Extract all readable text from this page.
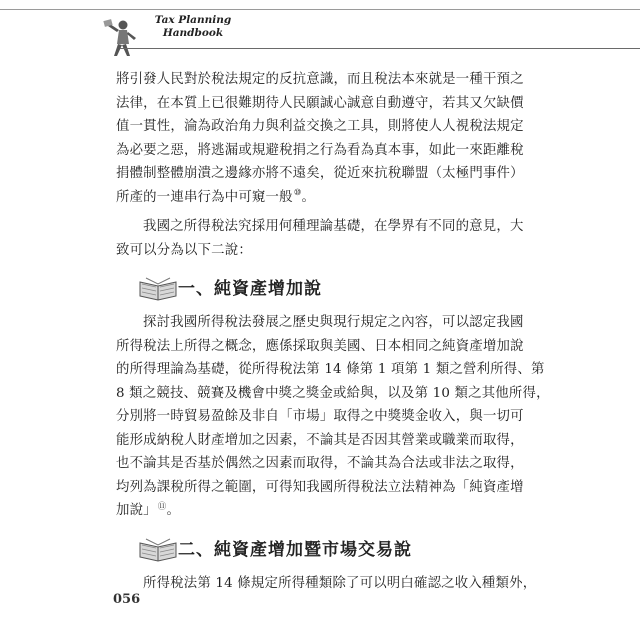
Tax Planning
Handbook

將引發人民對於稅法規定的反抗意識，而且稅法本來就是一種干預之
法律，在本質上已很難期待人民願誠心誠意自動遵守，若其又欠缺價
值一貫性，淪為政治角力與利益交換之工具，則將使人人視稅法規定
為必要之惡，將逃漏或規避稅捐之行為看為真本事，如此一來距離稅
捐體制整體崩潰之邊緣亦將不遠矣，從近來抗稅聯盟（太極門事件）
所產的一連串行為中可窺一般⑩。

我國之所得稅法究採用何種理論基礎，在學界有不同的意見，大
致可以分為以下二說：

一、純資產增加說

探討我國所得稅法發展之歷史與現行規定之內容，可以認定我國
所得稅法上所得之概念，應係採取與美國、日本相同之純資產增加說
的所得理論為基礎，從所得稅法第 14 條第 1 項第 1 類之營利所得、第
8 類之競技、競賽及機會中獎之獎金或給與，以及第 10 類之其他所得，
分別將一時貿易盈餘及非自「市場」取得之中獎獎金收入，與一切可
能形成納稅人財產增加之因素，不論其是否因其營業或職業而取得，
也不論其是否基於偶然之因素而取得，不論其為合法或非法之取得，
均列為課稅所得之範圍，可得知我國所得稅法立法精神為「純資產增
加說」⑪。

二、純資產增加暨市場交易說

所得稅法第 14 條規定所得種類除了可以明白確認之收入種類外，

056
